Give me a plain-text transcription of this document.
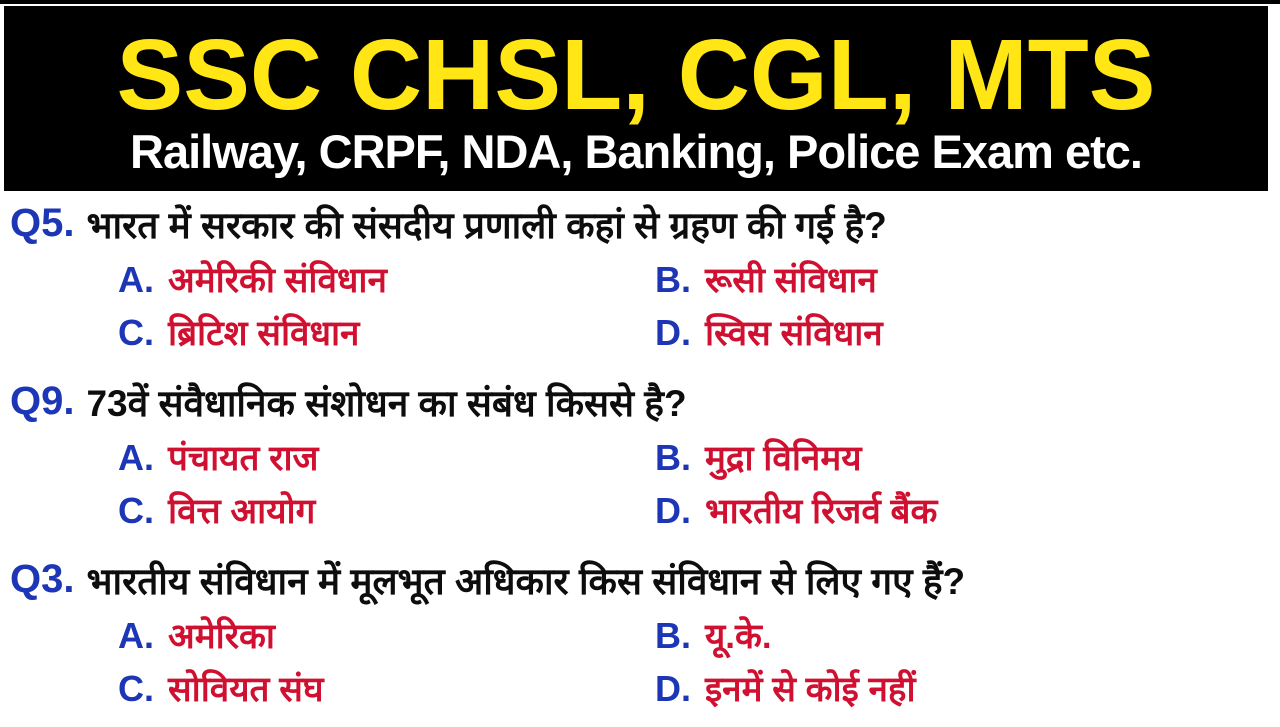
SSC CHSL, CGL, MTS
Railway, CRPF, NDA, Banking, Police Exam etc.
Q5. भारत में सरकार की संसदीय प्रणाली कहां से ग्रहण की गई है?
A. अमेरिकी संविधान	B. रूसी संविधान
C. ब्रिटिश संविधान	D. स्विस संविधान
Q9. 73वें संवैधानिक संशोधन का संबंध किससे है?
A. पंचायत राज	B. मुद्रा विनिमय
C. वित्त आयोग	D. भारतीय रिजर्व बैंक
Q3. भारतीय संविधान में मूलभूत अधिकार किस संविधान से लिए गए हैं?
A. अमेरिका	B. यू.के.
C. सोवियत संघ	D. इनमें से कोई नहीं
